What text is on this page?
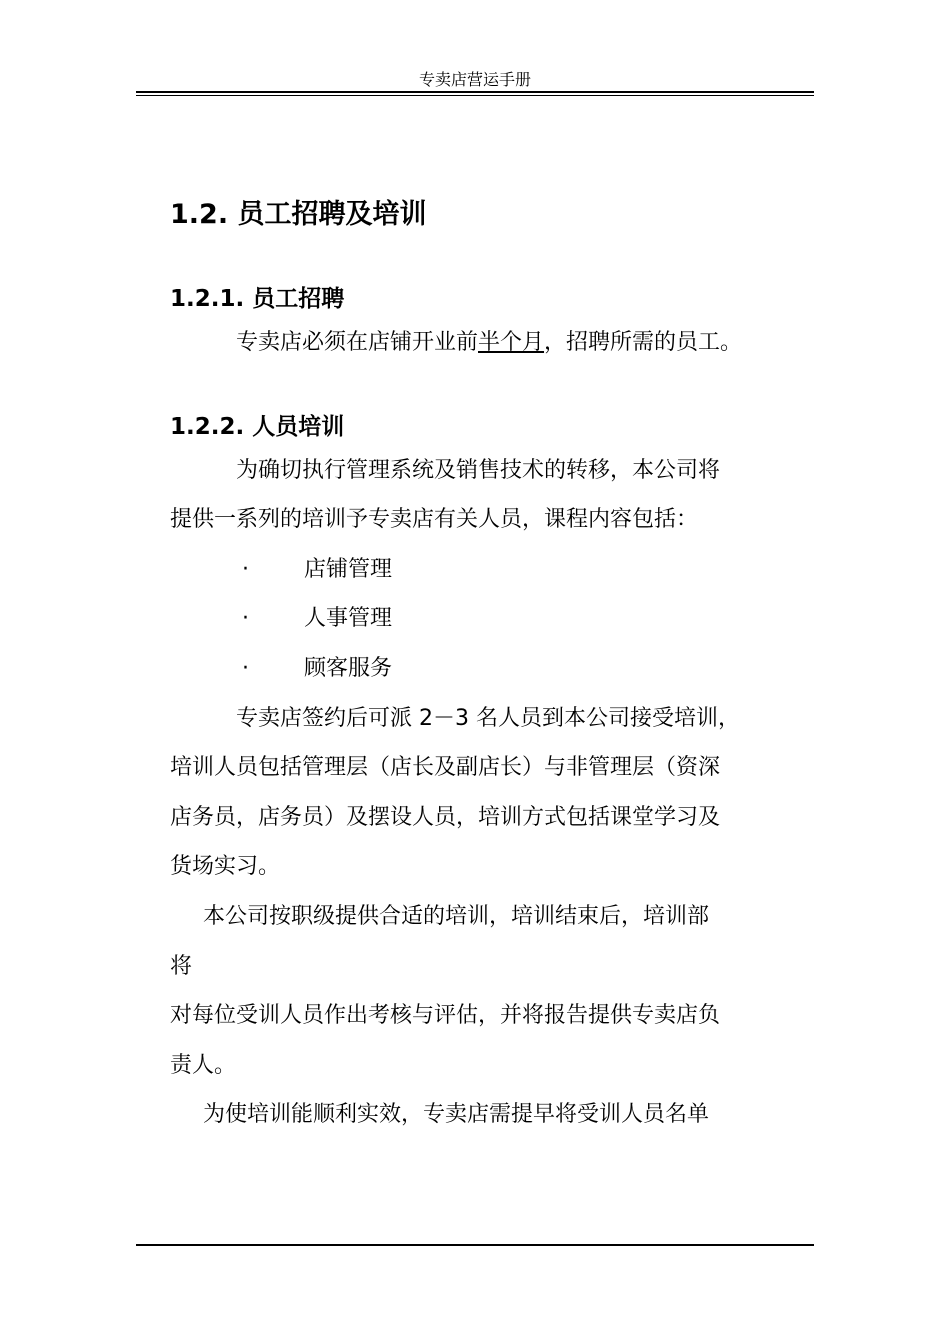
专卖店营运手册
1.2. 员工招聘及培训
1.2.1. 员工招聘

专卖店必须在店铺开业前半个月，招聘所需的员工。

1.2.2. 人员培训

为确切执行管理系统及销售技术的转移，本公司将

提供一系列的培训予专卖店有关人员，课程内容包括：

·	店铺管理
·	人事管理
·	顾客服务

专卖店签约后可派 2－3 名人员到本公司接受培训，

培训人员包括管理层（店长及副店长）与非管理层（资深

店务员，店务员）及摆设人员，培训方式包括课堂学习及

货场实习。

本公司按职级提供合适的培训，培训结束后，培训部

将

对每位受训人员作出考核与评估，并将报告提供专卖店负

责人。

为使培训能顺利实效，专卖店需提早将受训人员名单
